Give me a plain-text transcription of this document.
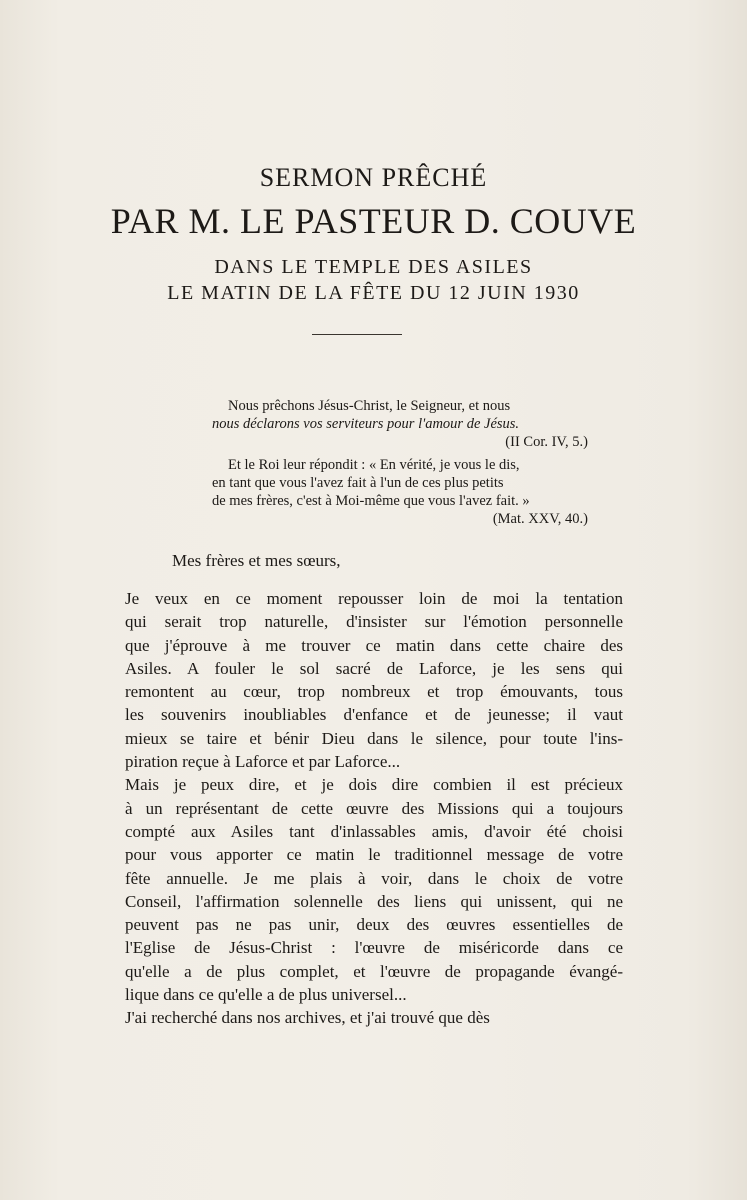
SERMON PRÊCHÉ
PAR M. LE PASTEUR D. COUVE
DANS LE TEMPLE DES ASILES
LE MATIN DE LA FÊTE DU 12 JUIN 1930

Nous prêchons Jésus-Christ, le Seigneur, et nous

nous déclarons vos serviteurs pour l'amour de Jésus.

(II Cor. IV, 5.)

Et le Roi leur répondit : « En vérité, je vous le dis,

en tant que vous l'avez fait à l'un de ces plus petits

de mes frères, c'est à Moi-même que vous l'avez fait. »

(Mat. XXV, 40.)

Mes frères et mes sœurs,
Je veux en ce moment repousser loin de moi la tentation
qui serait trop naturelle, d'insister sur l'émotion personnelle
que j'éprouve à me trouver ce matin dans cette chaire des
Asiles. A fouler le sol sacré de Laforce, je les sens qui
remontent au cœur, trop nombreux et trop émouvants, tous
les souvenirs inoubliables d'enfance et de jeunesse; il vaut
mieux se taire et bénir Dieu dans le silence, pour toute l'ins-
piration reçue à Laforce et par Laforce...
Mais je peux dire, et je dois dire combien il est précieux
à un représentant de cette œuvre des Missions qui a toujours
compté aux Asiles tant d'inlassables amis, d'avoir été choisi
pour vous apporter ce matin le traditionnel message de votre
fête annuelle. Je me plais à voir, dans le choix de votre
Conseil, l'affirmation solennelle des liens qui unissent, qui ne
peuvent pas ne pas unir, deux des œuvres essentielles de
l'Eglise de Jésus-Christ : l'œuvre de miséricorde dans ce
qu'elle a de plus complet, et l'œuvre de propagande évangé-
lique dans ce qu'elle a de plus universel...
J'ai recherché dans nos archives, et j'ai trouvé que dès
